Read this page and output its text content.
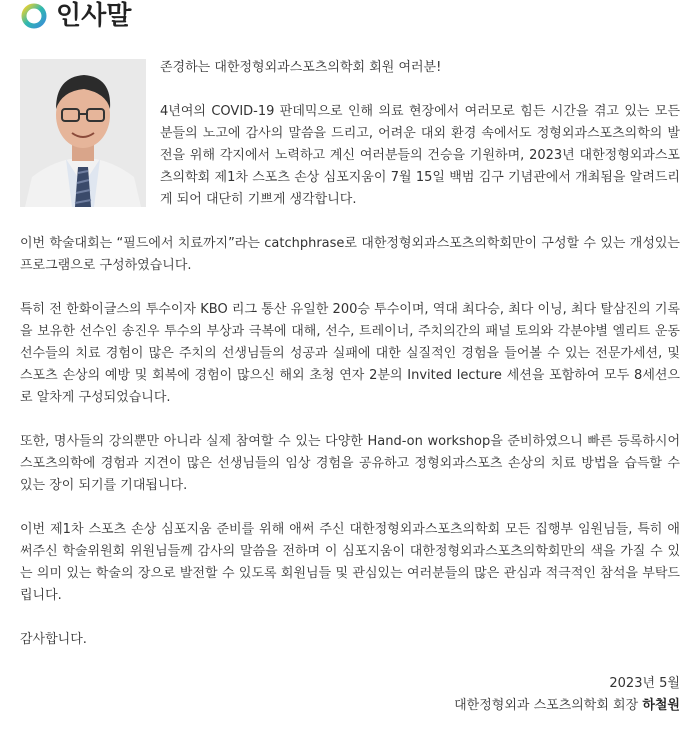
인사말

존경하는 대한정형외과스포츠의학회 회원 여러분!

4년여의 COVID-19 판데믹으로 인해 의료 현장에서 여러모로 힘든 시간을 겪고 있는 모든 분들의 노고에 감사의 말씀을 드리고, 어려운 대외 환경 속에서도 정형외과스포츠의학의 발전을 위해 각지에서 노력하고 계신 여러분들의 건승을 기원하며, 2023년 대한정형외과스포츠의학회 제1차 스포츠 손상 심포지움이 7월 15일 백범 김구 기념관에서 개최됨을 알려드리게 되어 대단히 기쁘게 생각합니다.

이번 학술대회는 “필드에서 치료까지”라는 catchphrase로 대한정형외과스포츠의학회만이 구성할 수 있는 개성있는 프로그램으로 구성하였습니다.

특히 전 한화이글스의 투수이자 KBO 리그 통산 유일한 200승 투수이며, 역대 최다승, 최다 이닝, 최다 탈삼진의 기록을 보유한 선수인 송진우 투수의 부상과 극복에 대해, 선수, 트레이너, 주치의간의 패널 토의와 각분야별 엘리트 운동선수들의 치료 경험이 많은 주치의 선생님들의 성공과 실패에 대한 실질적인 경험을 들어볼 수 있는 전문가세션, 및 스포츠 손상의 예방 및 회복에 경험이 많으신 해외 초청 연자 2분의 Invited lecture 세션을 포함하여 모두 8세션으로 알차게 구성되었습니다.

또한, 명사들의 강의뿐만 아니라 실제 참여할 수 있는 다양한 Hand-on workshop을 준비하였으니 빠른 등록하시어 스포츠의학에 경험과 지견이 많은 선생님들의 임상 경험을 공유하고 정형외과스포츠 손상의 치료 방법을 습득할 수 있는 장이 되기를 기대됩니다.

이번 제1차 스포츠 손상 심포지움 준비를 위해 애써 주신 대한정형외과스포츠의학회 모든 집행부 임원님들, 특히 애써주신 학술위원회 위원님들께 감사의 말씀을 전하며 이 심포지움이 대한정형외과스포츠의학회만의 색을 가질 수 있는 의미 있는 학술의 장으로 발전할 수 있도록 회원님들 및 관심있는 여러분들의 많은 관심과 적극적인 참석을 부탁드립니다.

감사합니다.

2023년 5월
대한정형외과 스포츠의학회 회장 하철원
